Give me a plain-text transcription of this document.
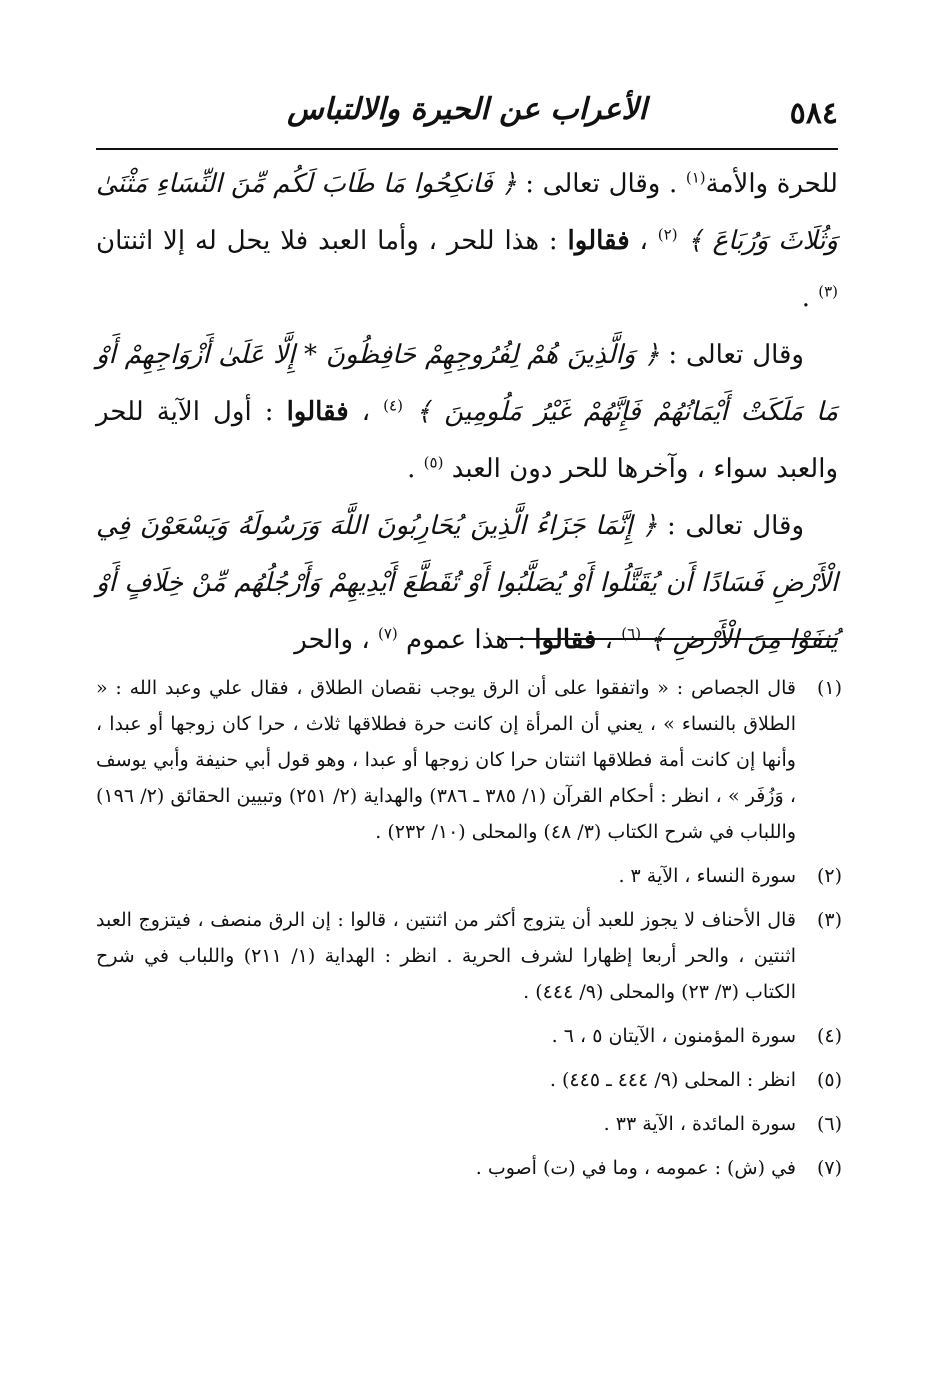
٥٨٤
الأعراب عن الحيرة والالتباس

للحرة والأمة$^{(١)}$ . وقال تعالى : ﴿ فَانكِحُوا مَا طَابَ لَكُم مِّنَ النِّسَاءِ مَثْنَىٰ وَثُلَاثَ وَرُبَاعَ ﴾ $^{(٢)}$ ، فقالوا : هذا للحر ، وأما العبد فلا يحل له إلا اثنتان $^{(٣)}$ .

وقال تعالى : ﴿ وَالَّذِينَ هُمْ لِفُرُوجِهِمْ حَافِظُونَ * إِلَّا عَلَىٰ أَزْوَاجِهِمْ أَوْ مَا مَلَكَتْ أَيْمَانُهُمْ فَإِنَّهُمْ غَيْرُ مَلُومِينَ ﴾ $^{(٤)}$ ، فقالوا : أول الآية للحر والعبد سواء ، وآخرها للحر دون العبد $^{(٥)}$ .

وقال تعالى : ﴿ إِنَّمَا جَزَاءُ الَّذِينَ يُحَارِبُونَ اللَّهَ وَرَسُولَهُ وَيَسْعَوْنَ فِي الْأَرْضِ فَسَادًا أَن يُقَتَّلُوا أَوْ يُصَلَّبُوا أَوْ تُقَطَّعَ أَيْدِيهِمْ وَأَرْجُلُهُم مِّنْ خِلَافٍ أَوْ يُنفَوْا مِنَ الْأَرْضِ ﴾ $^{(٦)}$ ، فقالوا : هذا عموم $^{(٧)}$ ، والحر

(١)
قال الجصاص : « واتفقوا على أن الرق يوجب نقصان الطلاق ، فقال علي وعبد الله : « الطلاق بالنساء » ، يعني أن المرأة إن كانت حرة فطلاقها ثلاث ، حرا كان زوجها أو عبدا ، وأنها إن كانت أمة فطلاقها اثنتان حرا كان زوجها أو عبدا ، وهو قول أبي حنيفة وأبي يوسف ، وَزُفَر » ، انظر : أحكام القرآن (١/ ٣٨٥ ـ ٣٨٦) والهداية (٢/ ٢٥١) وتبيين الحقائق (٢/ ١٩٦) واللباب في شرح الكتاب (٣/ ٤٨) والمحلى (١٠/ ٢٣٢) .
(٢)
سورة النساء ، الآية ٣ .
(٣)
قال الأحناف لا يجوز للعبد أن يتزوج أكثر من اثنتين ، قالوا : إن الرق منصف ، فيتزوج العبد اثنتين ، والحر أربعا إظهارا لشرف الحرية . انظر : الهداية (١/ ٢١١) واللباب في شرح الكتاب (٣/ ٢٣) والمحلى (٩/ ٤٤٤) .
(٤)
سورة المؤمنون ، الآيتان ٥ ، ٦ .
(٥)
انظر : المحلى (٩/ ٤٤٤ ـ ٤٤٥) .
(٦)
سورة المائدة ، الآية ٣٣ .
(٧)
في (ش) : عمومه ، وما في (ت) أصوب .
